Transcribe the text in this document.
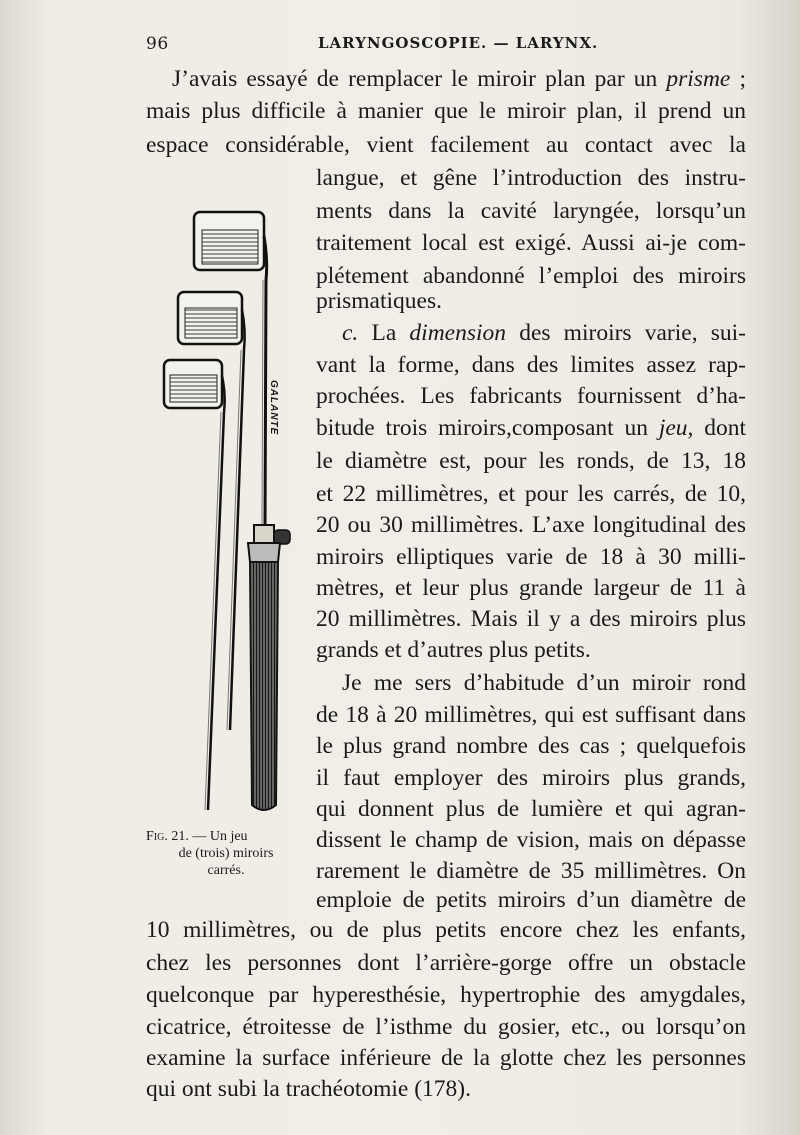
96	LARYNGOSCOPIE. — LARYNX.
J’avais essayé de remplacer le miroir plan par un prisme ;
mais plus difficile à manier que le miroir plan, il prend un
espace considérable, vient facilement au contact avec la
langue, et gêne l’introduction des instru-
ments dans la cavité laryngée, lorsqu’un
traitement local est exigé. Aussi ai-je com-
plétement abandonné l’emploi des miroirs
prismatiques.
c. La dimension des miroirs varie, sui-
vant la forme, dans des limites assez rap-
prochées. Les fabricants fournissent d’ha-
bitude trois miroirs,composant un jeu, dont
le diamètre est, pour les ronds, de 13, 18
et 22 millimètres, et pour les carrés, de 10,
20 ou 30 millimètres. L’axe longitudinal des
miroirs elliptiques varie de 18 à 30 milli-
mètres, et leur plus grande largeur de 11 à
20 millimètres. Mais il y a des miroirs plus
grands et d’autres plus petits.
Je me sers d’habitude d’un miroir rond
de 18 à 20 millimètres, qui est suffisant dans
le plus grand nombre des cas ; quelquefois
il faut employer des miroirs plus grands,
qui donnent plus de lumière et qui agran-
dissent le champ de vision, mais on dépasse
rarement le diamètre de 35 millimètres. On
emploie de petits miroirs d’un diamètre de
10 millimètres, ou de plus petits encore chez les enfants,
chez les personnes dont l’arrière-gorge offre un obstacle
quelconque par hyperesthésie, hypertrophie des amygdales,
cicatrice, étroitesse de l’isthme du gosier, etc., ou lorsqu’on
examine la surface inférieure de la glotte chez les personnes
qui ont subi la trachéotomie (178).
GALANTE
Fig. 21. — Un jeu
de (trois) miroirs
carrés.
